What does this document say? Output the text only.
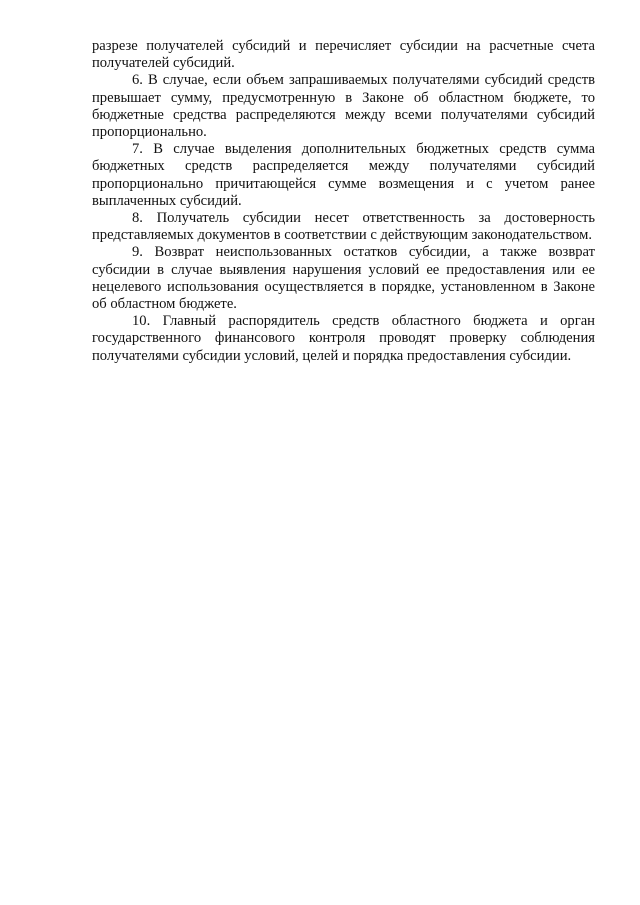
разрезе получателей субсидий и перечисляет субсидии на расчетные счета получателей субсидий.

6. В случае, если объем запрашиваемых получателями субсидий средств превышает сумму, предусмотренную в Законе об областном бюджете, то бюджетные средства распределяются между всеми получателями субсидий пропорционально.

7. В случае выделения дополнительных бюджетных средств сумма бюджетных средств распределяется между получателями субсидий пропорционально причитающейся сумме возмещения и с учетом ранее выплаченных субсидий.

8. Получатель субсидии несет ответственность за достоверность представляемых документов в соответствии с действующим законодательством.

9. Возврат неиспользованных остатков субсидии, а также возврат субсидии в случае выявления нарушения условий ее предоставления или ее нецелевого использования осуществляется в порядке, установленном в Законе об областном бюджете.

10. Главный распорядитель средств областного бюджета и орган государственного финансового контроля проводят проверку соблюдения получателями субсидии условий, целей и порядка предоставления субсидии.
